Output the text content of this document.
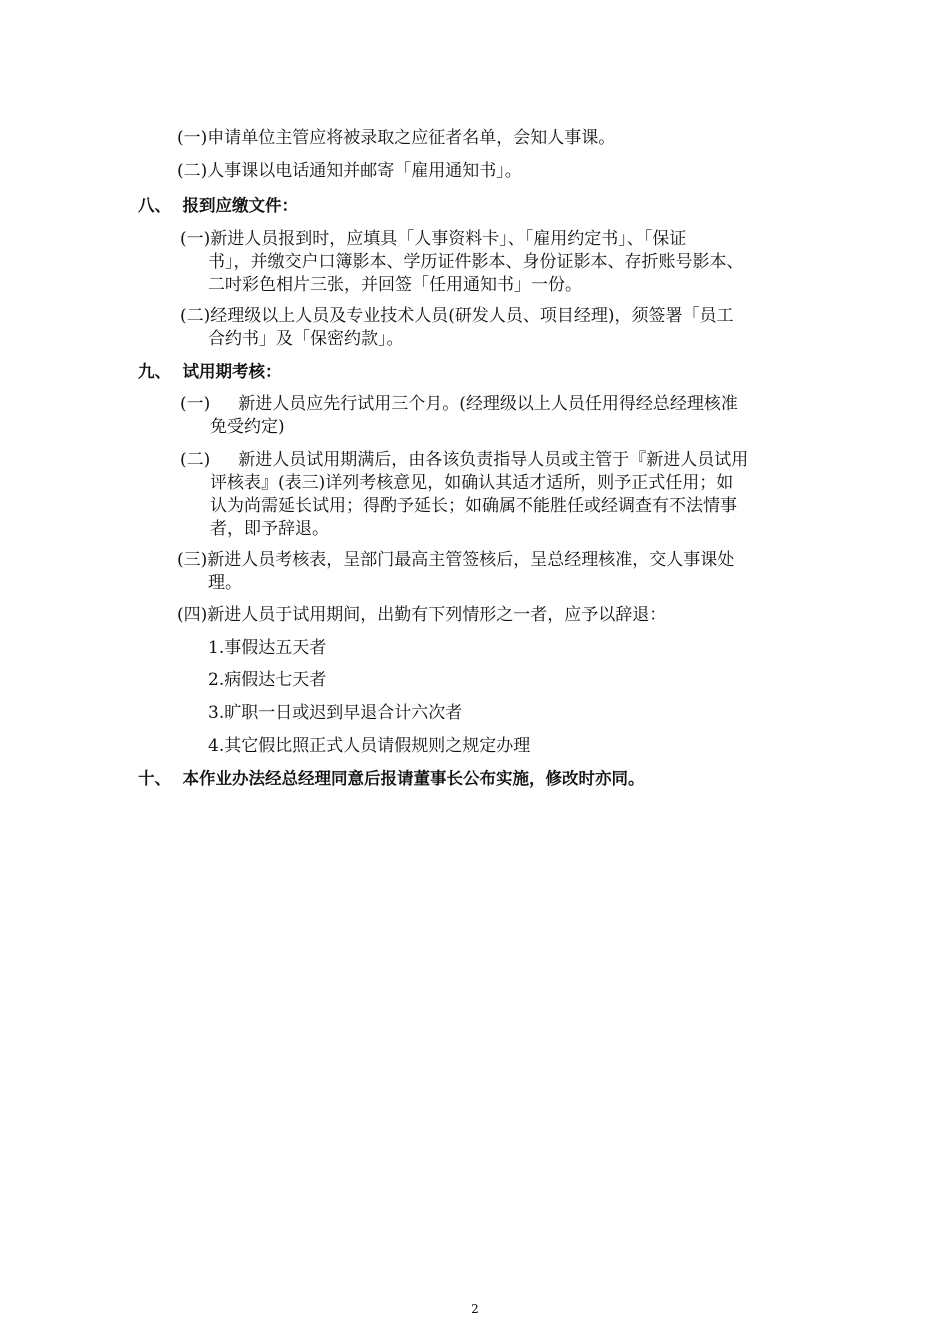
(一)申请单位主管应将被录取之应征者名单，会知人事课。
(二)人事课以电话通知并邮寄「雇用通知书」。
八、 报到应缴文件：
(一)新进人员报到时，应填具「人事资料卡」、「雇用约定书」、「保证
书」，并缴交户口簿影本、学历证件影本、身份证影本、存折账号影本、
二吋彩色相片三张，并回签「任用通知书」一份。
(二)经理级以上人员及专业技术人员(研发人员、项目经理)，须签署「员工
合约书」及「保密约款」。
九、 试用期考核：
(一) 新进人员应先行试用三个月。(经理级以上人员任用得经总经理核准
免受约定)
(二) 新进人员试用期满后，由各该负责指导人员或主管于『新进人员试用
评核表』(表三)详列考核意见，如确认其适才适所，则予正式任用；如
认为尚需延长试用；得酌予延长；如确属不能胜任或经调查有不法情事
者，即予辞退。
(三)新进人员考核表，呈部门最高主管签核后，呈总经理核准，交人事课处
理。
(四)新进人员于试用期间，出勤有下列情形之一者，应予以辞退：
1.事假达五天者
2.病假达七天者
3.旷职一日或迟到早退合计六次者
4.其它假比照正式人员请假规则之规定办理
十、 本作业办法经总经理同意后报请董事长公布实施，修改时亦同。
2
